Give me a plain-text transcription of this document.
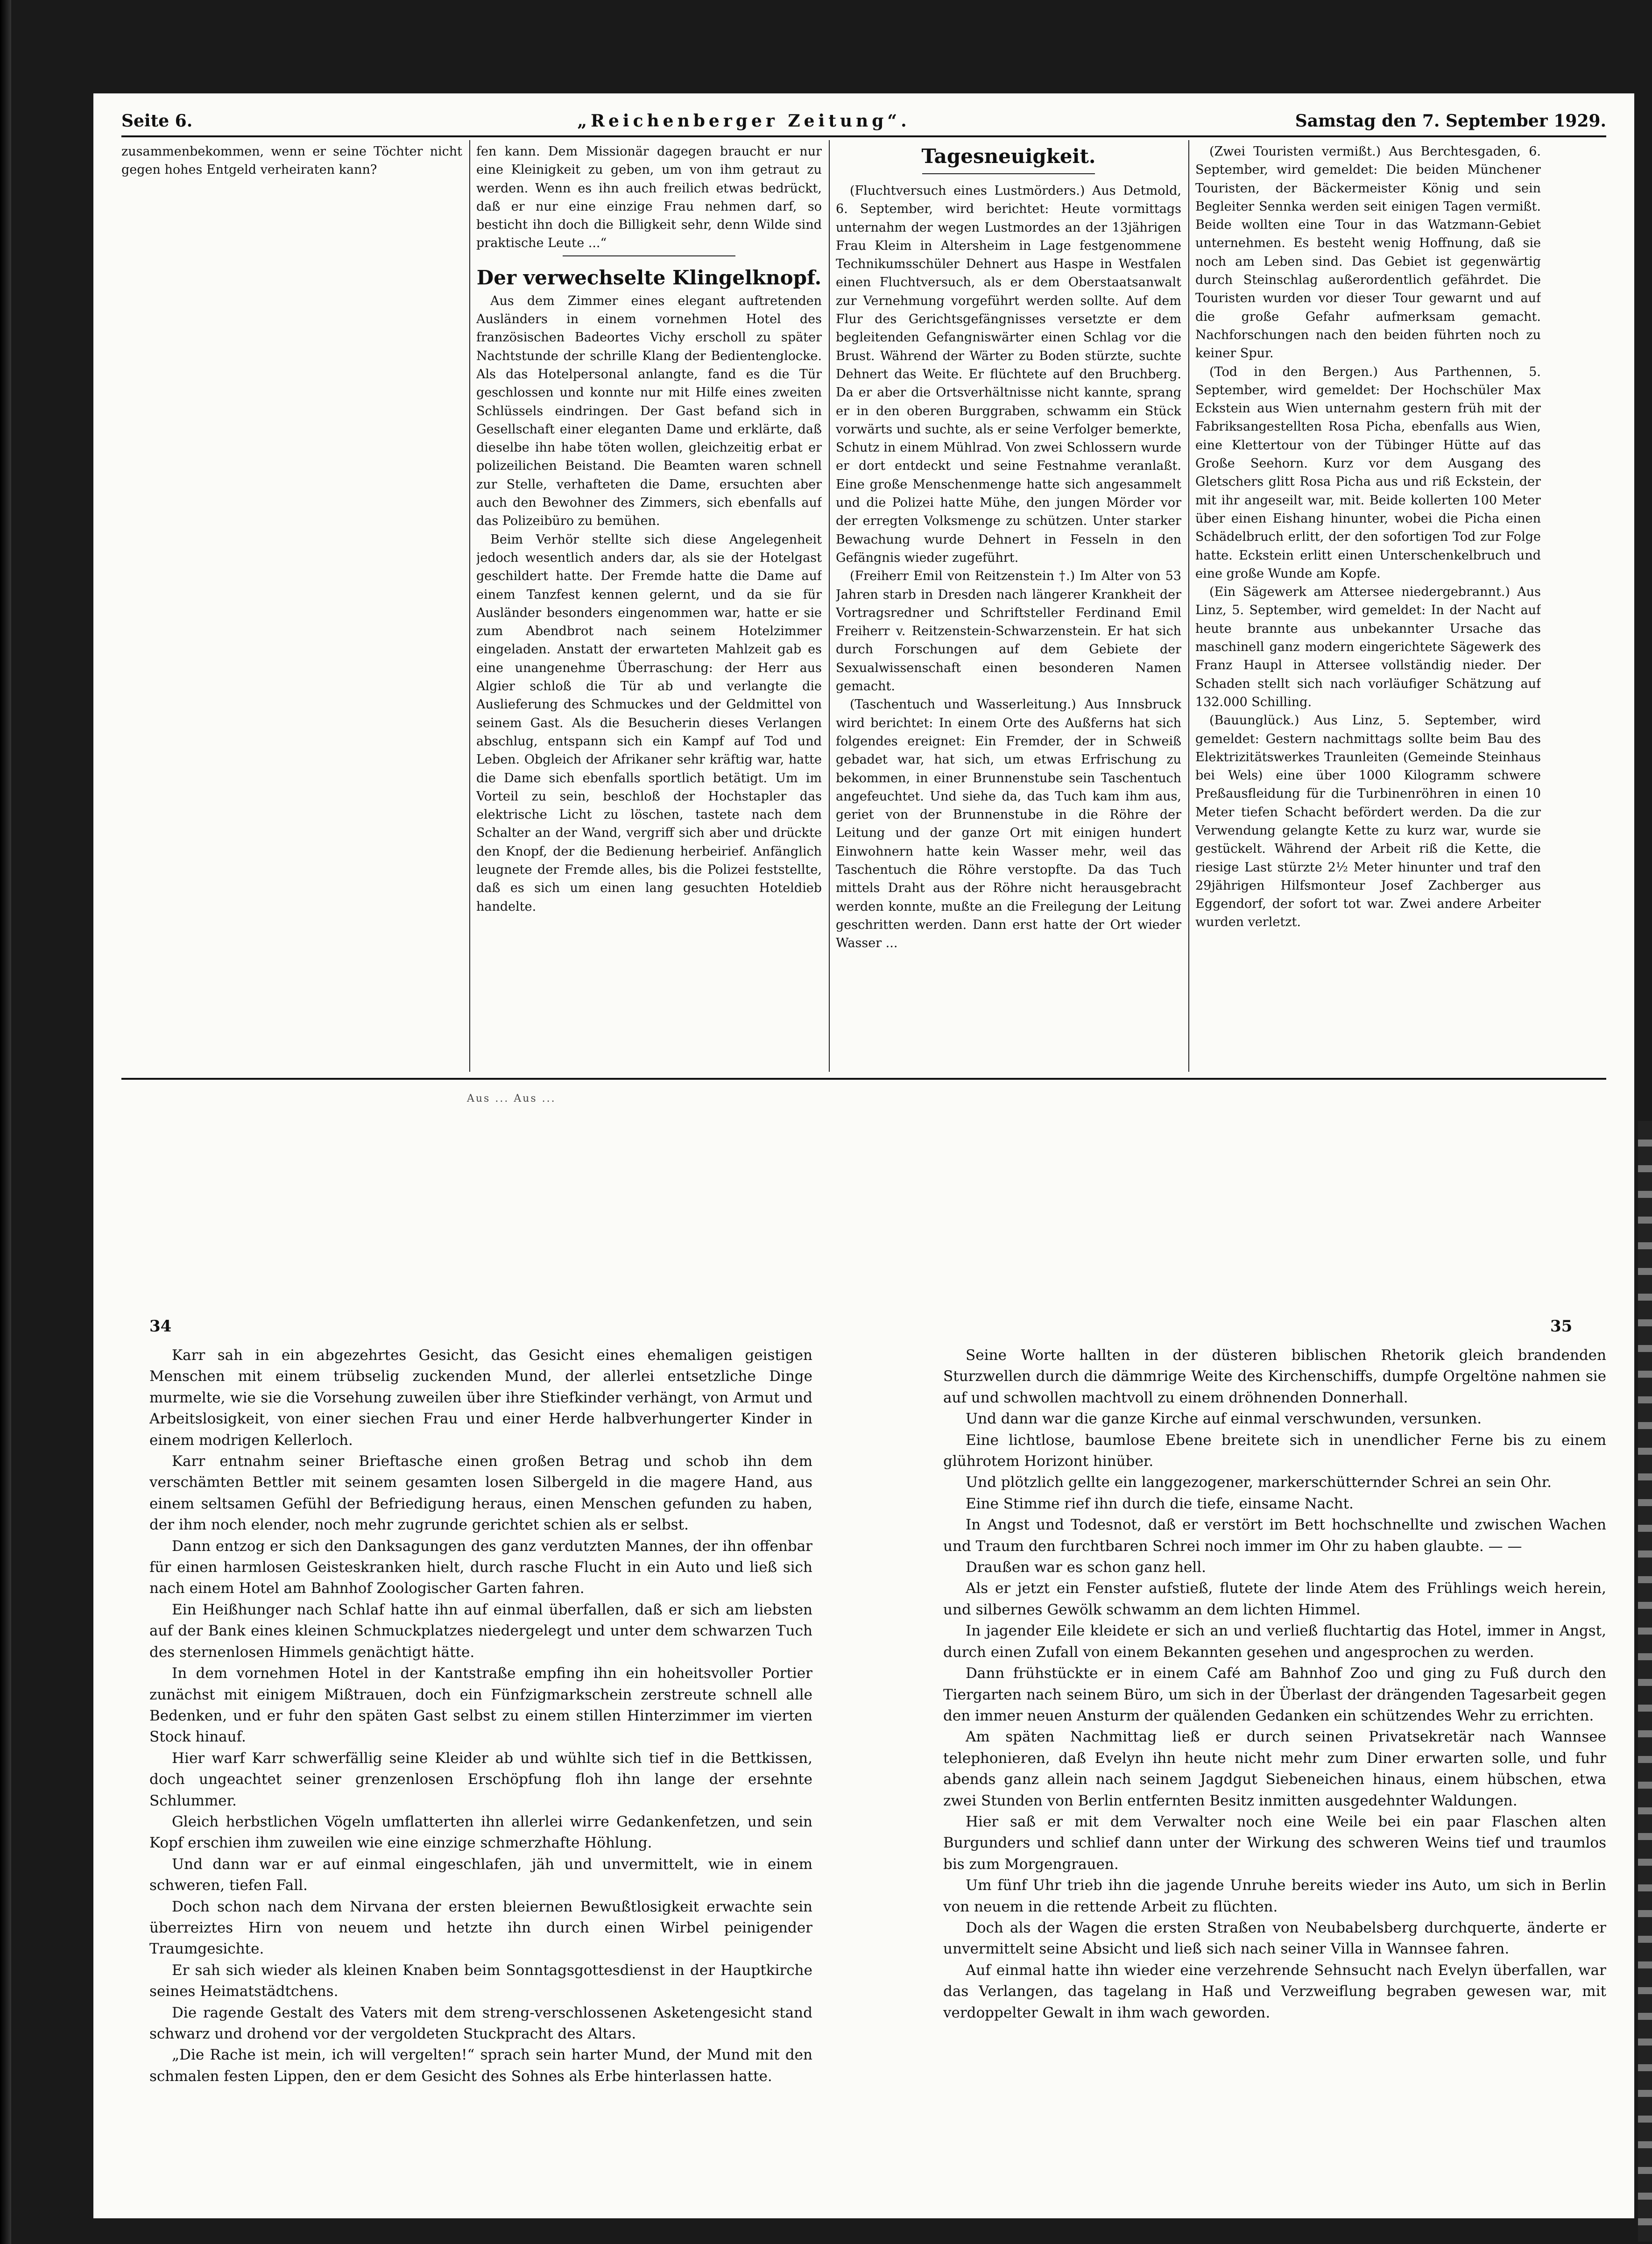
Seite 6.	„Reichenberger Zeitung“.	Samstag den 7. September 1929.

zusammenbekommen, wenn er seine Töchter nicht gegen hohes Entgeld verheiraten kann?

fen kann. Dem Missionär dagegen braucht er nur eine Kleinigkeit zu geben, um von ihm getraut zu werden. Wenn es ihn auch freilich etwas bedrückt, daß er nur eine einzige Frau nehmen darf, so besticht ihn doch die Billigkeit sehr, denn Wilde sind praktische Leute ...“

Der verwechselte Klingelknopf.

Aus dem Zimmer eines elegant auftretenden Ausländers in einem vornehmen Hotel des französischen Badeortes Vichy erscholl zu später Nachtstunde der schrille Klang der Bedientenglocke. Als das Hotelpersonal anlangte, fand es die Tür geschlossen und konnte nur mit Hilfe eines zweiten Schlüssels eindringen. Der Gast befand sich in Gesellschaft einer eleganten Dame und erklärte, daß dieselbe ihn habe töten wollen, gleichzeitig erbat er polizeilichen Beistand. Die Beamten waren schnell zur Stelle, verhafteten die Dame, ersuchten aber auch den Bewohner des Zimmers, sich ebenfalls auf das Polizeibüro zu bemühen.

Beim Verhör stellte sich diese Angelegenheit jedoch wesentlich anders dar, als sie der Hotelgast geschildert hatte. Der Fremde hatte die Dame auf einem Tanzfest kennen gelernt, und da sie für Ausländer besonders eingenommen war, hatte er sie zum Abendbrot nach seinem Hotelzimmer eingeladen. Anstatt der erwarteten Mahlzeit gab es eine unangenehme Überraschung: der Herr aus Algier schloß die Tür ab und verlangte die Auslieferung des Schmuckes und der Geldmittel von seinem Gast. Als die Besucherin dieses Verlangen abschlug, entspann sich ein Kampf auf Tod und Leben. Obgleich der Afrikaner sehr kräftig war, hatte die Dame sich ebenfalls sportlich betätigt. Um im Vorteil zu sein, beschloß der Hochstapler das elektrische Licht zu löschen, tastete nach dem Schalter an der Wand, vergriff sich aber und drückte den Knopf, der die Bedienung herbeirief. Anfänglich leugnete der Fremde alles, bis die Polizei feststellte, daß es sich um einen lang gesuchten Hoteldieb handelte.

Tagesneuigkeit.

(Fluchtversuch eines Lustmörders.) Aus Detmold, 6. September, wird berichtet: Heute vormittags unternahm der wegen Lustmordes an der 13jährigen Frau Kleim in Altersheim in Lage festgenommene Technikumsschüler Dehnert aus Haspe in Westfalen einen Fluchtversuch, als er dem Oberstaatsanwalt zur Vernehmung vorgeführt werden sollte. Auf dem Flur des Gerichtsgefängnisses versetzte er dem begleitenden Gefangniswärter einen Schlag vor die Brust. Während der Wärter zu Boden stürzte, suchte Dehnert das Weite. Er flüchtete auf den Bruchberg. Da er aber die Ortsverhältnisse nicht kannte, sprang er in den oberen Burggraben, schwamm ein Stück vorwärts und suchte, als er seine Verfolger bemerkte, Schutz in einem Mühlrad. Von zwei Schlossern wurde er dort entdeckt und seine Festnahme veranlaßt. Eine große Menschenmenge hatte sich angesammelt und die Polizei hatte Mühe, den jungen Mörder vor der erregten Volksmenge zu schützen. Unter starker Bewachung wurde Dehnert in Fesseln in den Gefängnis wieder zugeführt.

(Freiherr Emil von Reitzenstein †.) Im Alter von 53 Jahren starb in Dresden nach längerer Krankheit der Vortragsredner und Schriftsteller Ferdinand Emil Freiherr v. Reitzenstein-Schwarzenstein. Er hat sich durch Forschungen auf dem Gebiete der Sexualwissenschaft einen besonderen Namen gemacht.

(Taschentuch und Wasserleitung.) Aus Innsbruck wird berichtet: In einem Orte des Außferns hat sich folgendes ereignet: Ein Fremder, der in Schweiß gebadet war, hat sich, um etwas Erfrischung zu bekommen, in einer Brunnenstube sein Taschentuch angefeuchtet. Und siehe da, das Tuch kam ihm aus, geriet von der Brunnenstube in die Röhre der Leitung und der ganze Ort mit einigen hundert Einwohnern hatte kein Wasser mehr, weil das Taschentuch die Röhre verstopfte. Da das Tuch mittels Draht aus der Röhre nicht herausgebracht werden konnte, mußte an die Freilegung der Leitung geschritten werden. Dann erst hatte der Ort wieder Wasser ...

(Zwei Touristen vermißt.) Aus Berchtesgaden, 6. September, wird gemeldet: Die beiden Münchener Touristen, der Bäckermeister König und sein Begleiter Sennka werden seit einigen Tagen vermißt. Beide wollten eine Tour in das Watzmann-Gebiet unternehmen. Es besteht wenig Hoffnung, daß sie noch am Leben sind. Das Gebiet ist gegenwärtig durch Steinschlag außerordentlich gefährdet. Die Touristen wurden vor dieser Tour gewarnt und auf die große Gefahr aufmerksam gemacht. Nachforschungen nach den beiden führten noch zu keiner Spur.

(Tod in den Bergen.) Aus Parthennen, 5. September, wird gemeldet: Der Hochschüler Max Eckstein aus Wien unternahm gestern früh mit der Fabriksangestellten Rosa Picha, ebenfalls aus Wien, eine Klettertour von der Tübinger Hütte auf das Große Seehorn. Kurz vor dem Ausgang des Gletschers glitt Rosa Picha aus und riß Eckstein, der mit ihr angeseilt war, mit. Beide kollerten 100 Meter über einen Eishang hinunter, wobei die Picha einen Schädelbruch erlitt, der den sofortigen Tod zur Folge hatte. Eckstein erlitt einen Unterschenkelbruch und eine große Wunde am Kopfe.

(Ein Sägewerk am Attersee niedergebrannt.) Aus Linz, 5. September, wird gemeldet: In der Nacht auf heute brannte aus unbekannter Ursache das maschinell ganz modern eingerichtete Sägewerk des Franz Haupl in Attersee vollständig nieder. Der Schaden stellt sich nach vorläufiger Schätzung auf 132.000 Schilling.

(Bauunglück.) Aus Linz, 5. September, wird gemeldet: Gestern nachmittags sollte beim Bau des Elektrizitätswerkes Traunleiten (Gemeinde Steinhaus bei Wels) eine über 1000 Kilogramm schwere Preßausfleidung für die Turbinenröhren in einen 10 Meter tiefen Schacht befördert werden. Da die zur Verwendung gelangte Kette zu kurz war, wurde sie gestückelt. Während der Arbeit riß die Kette, die riesige Last stürzte 2½ Meter hinunter und traf den 29jährigen Hilfsmonteur Josef Zachberger aus Eggendorf, der sofort tot war. Zwei andere Arbeiter wurden verletzt.

Aus ... Aus ...
34	35

Karr sah in ein abgezehrtes Gesicht, das Gesicht eines ehemaligen geistigen Menschen mit einem trübselig zuckenden Mund, der allerlei entsetzliche Dinge murmelte, wie sie die Vorsehung zuweilen über ihre Stiefkinder verhängt, von Armut und Arbeitslosigkeit, von einer siechen Frau und einer Herde halbverhungerter Kinder in einem modrigen Kellerloch.

Karr entnahm seiner Brieftasche einen großen Betrag und schob ihn dem verschämten Bettler mit seinem gesamten losen Silbergeld in die magere Hand, aus einem seltsamen Gefühl der Befriedigung heraus, einen Menschen gefunden zu haben, der ihm noch elender, noch mehr zugrunde gerichtet schien als er selbst.

Dann entzog er sich den Danksagungen des ganz verdutzten Mannes, der ihn offenbar für einen harmlosen Geisteskranken hielt, durch rasche Flucht in ein Auto und ließ sich nach einem Hotel am Bahnhof Zoologischer Garten fahren.

Ein Heißhunger nach Schlaf hatte ihn auf einmal überfallen, daß er sich am liebsten auf der Bank eines kleinen Schmuckplatzes niedergelegt und unter dem schwarzen Tuch des sternenlosen Himmels genächtigt hätte.

In dem vornehmen Hotel in der Kantstraße empfing ihn ein hoheitsvoller Portier zunächst mit einigem Mißtrauen, doch ein Fünfzigmarkschein zerstreute schnell alle Bedenken, und er fuhr den späten Gast selbst zu einem stillen Hinterzimmer im vierten Stock hinauf.

Hier warf Karr schwerfällig seine Kleider ab und wühlte sich tief in die Bettkissen, doch ungeachtet seiner grenzenlosen Erschöpfung floh ihn lange der ersehnte Schlummer.

Gleich herbstlichen Vögeln umflatterten ihn allerlei wirre Gedankenfetzen, und sein Kopf erschien ihm zuweilen wie eine einzige schmerzhafte Höhlung.

Und dann war er auf einmal eingeschlafen, jäh und unvermittelt, wie in einem schweren, tiefen Fall.

Doch schon nach dem Nirvana der ersten bleiernen Bewußtlosigkeit erwachte sein überreiztes Hirn von neuem und hetzte ihn durch einen Wirbel peinigender Traumgesichte.

Er sah sich wieder als kleinen Knaben beim Sonntagsgottesdienst in der Hauptkirche seines Heimatstädtchens.

Die ragende Gestalt des Vaters mit dem streng-verschlossenen Asketengesicht stand schwarz und drohend vor der vergoldeten Stuckpracht des Altars.

„Die Rache ist mein, ich will vergelten!“ sprach sein harter Mund, der Mund mit den schmalen festen Lippen, den er dem Gesicht des Sohnes als Erbe hinterlassen hatte.

Seine Worte hallten in der düsteren biblischen Rhetorik gleich brandenden Sturzwellen durch die dämmrige Weite des Kirchenschiffs, dumpfe Orgeltöne nahmen sie auf und schwollen machtvoll zu einem dröhnenden Donnerhall.

Und dann war die ganze Kirche auf einmal verschwunden, versunken.

Eine lichtlose, baumlose Ebene breitete sich in unendlicher Ferne bis zu einem glührotem Horizont hinüber.

Und plötzlich gellte ein langgezogener, markerschütternder Schrei an sein Ohr.

Eine Stimme rief ihn durch die tiefe, einsame Nacht.

In Angst und Todesnot, daß er verstört im Bett hochschnellte und zwischen Wachen und Traum den furchtbaren Schrei noch immer im Ohr zu haben glaubte. — —

Draußen war es schon ganz hell.

Als er jetzt ein Fenster aufstieß, flutete der linde Atem des Frühlings weich herein, und silbernes Gewölk schwamm an dem lichten Himmel.

In jagender Eile kleidete er sich an und verließ fluchtartig das Hotel, immer in Angst, durch einen Zufall von einem Bekannten gesehen und angesprochen zu werden.

Dann frühstückte er in einem Café am Bahnhof Zoo und ging zu Fuß durch den Tiergarten nach seinem Büro, um sich in der Überlast der drängenden Tagesarbeit gegen den immer neuen Ansturm der quälenden Gedanken ein schützendes Wehr zu errichten.

Am späten Nachmittag ließ er durch seinen Privatsekretär nach Wannsee telephonieren, daß Evelyn ihn heute nicht mehr zum Diner erwarten solle, und fuhr abends ganz allein nach seinem Jagdgut Siebeneichen hinaus, einem hübschen, etwa zwei Stunden von Berlin entfernten Besitz inmitten ausgedehnter Waldungen.

Hier saß er mit dem Verwalter noch eine Weile bei ein paar Flaschen alten Burgunders und schlief dann unter der Wirkung des schweren Weins tief und traumlos bis zum Morgengrauen.

Um fünf Uhr trieb ihn die jagende Unruhe bereits wieder ins Auto, um sich in Berlin von neuem in die rettende Arbeit zu flüchten.

Doch als der Wagen die ersten Straßen von Neubabelsberg durchquerte, änderte er unvermittelt seine Absicht und ließ sich nach seiner Villa in Wannsee fahren.

Auf einmal hatte ihn wieder eine verzehrende Sehnsucht nach Evelyn überfallen, war das Verlangen, das tagelang in Haß und Verzweiflung begraben gewesen war, mit verdoppelter Gewalt in ihm wach geworden.
